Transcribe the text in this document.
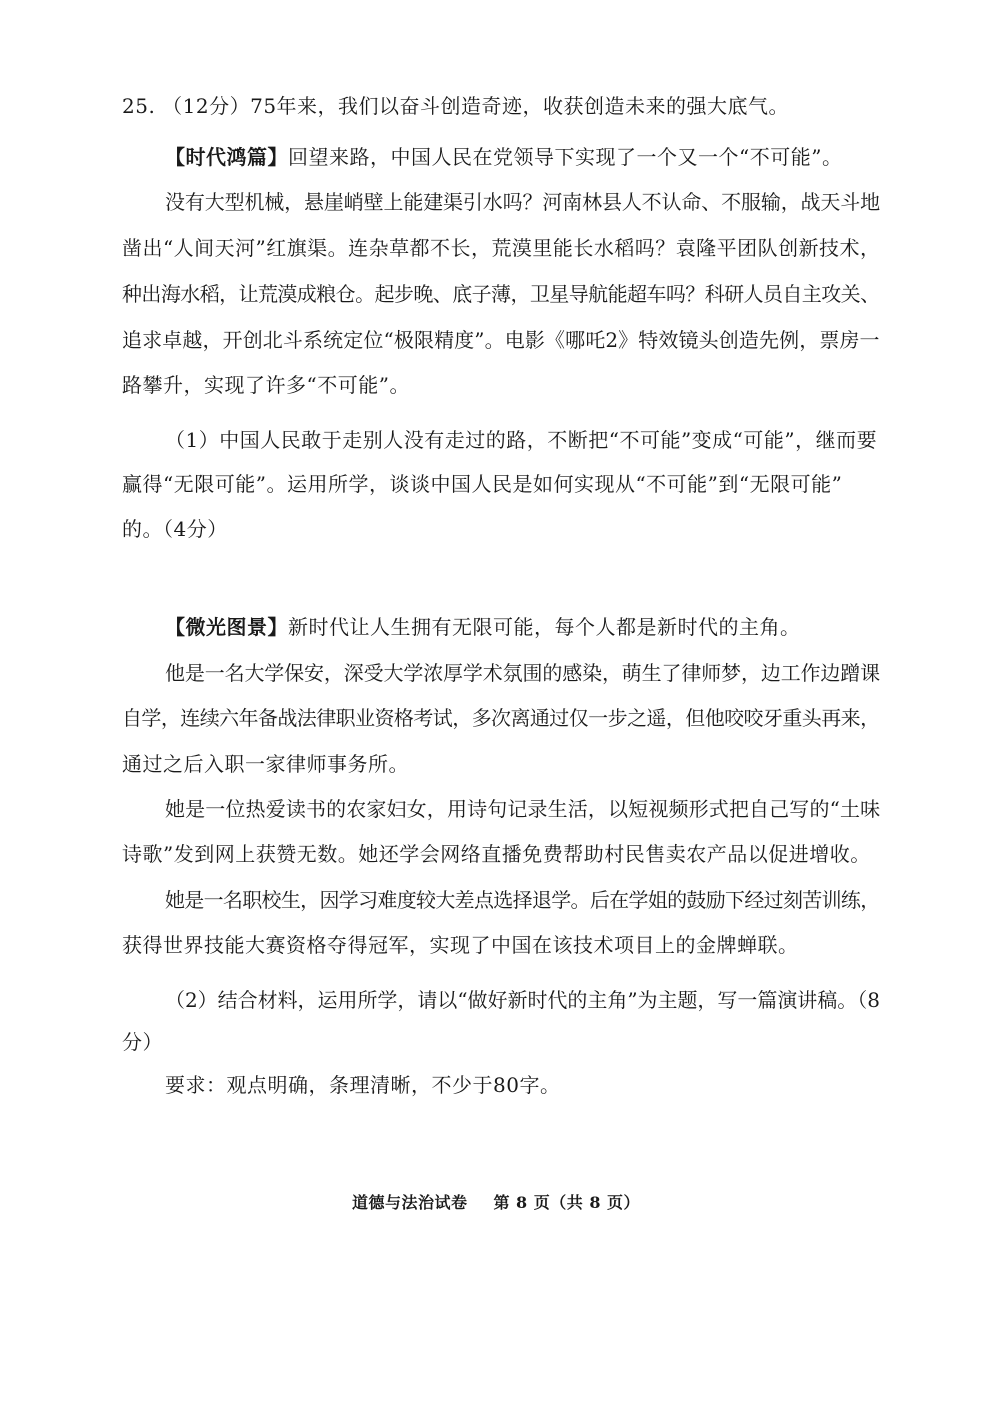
25. （12分）75年来，我们以奋斗创造奇迹，收获创造未来的强大底气。
【时代鸿篇】回望来路，中国人民在党领导下实现了一个又一个“不可能”。
没有大型机械，悬崖峭壁上能建渠引水吗？河南林县人不认命、不服输，战天斗地
凿出“人间天河”红旗渠。连杂草都不长，荒漠里能长水稻吗？袁隆平团队创新技术，
种出海水稻，让荒漠成粮仓。起步晚、底子薄，卫星导航能超车吗？科研人员自主攻关、
追求卓越，开创北斗系统定位“极限精度”。电影《哪吒2》特效镜头创造先例，票房一
路攀升，实现了许多“不可能”。
（1）中国人民敢于走别人没有走过的路，不断把“不可能”变成“可能”，继而要
赢得“无限可能”。运用所学，谈谈中国人民是如何实现从“不可能”到“无限可能”
的。（4分）
【微光图景】新时代让人生拥有无限可能，每个人都是新时代的主角。
他是一名大学保安，深受大学浓厚学术氛围的感染，萌生了律师梦，边工作边蹭课
自学，连续六年备战法律职业资格考试，多次离通过仅一步之遥，但他咬咬牙重头再来，
通过之后入职一家律师事务所。
她是一位热爱读书的农家妇女，用诗句记录生活，以短视频形式把自己写的“土味
诗歌”发到网上获赞无数。她还学会网络直播免费帮助村民售卖农产品以促进增收。
她是一名职校生，因学习难度较大差点选择退学。后在学姐的鼓励下经过刻苦训练，
获得世界技能大赛资格夺得冠军，实现了中国在该技术项目上的金牌蝉联。
（2）结合材料，运用所学，请以“做好新时代的主角”为主题，写一篇演讲稿。（8
分）
要求：观点明确，条理清晰，不少于80字。
道德与法治试卷 第 8 页（共 8 页）
